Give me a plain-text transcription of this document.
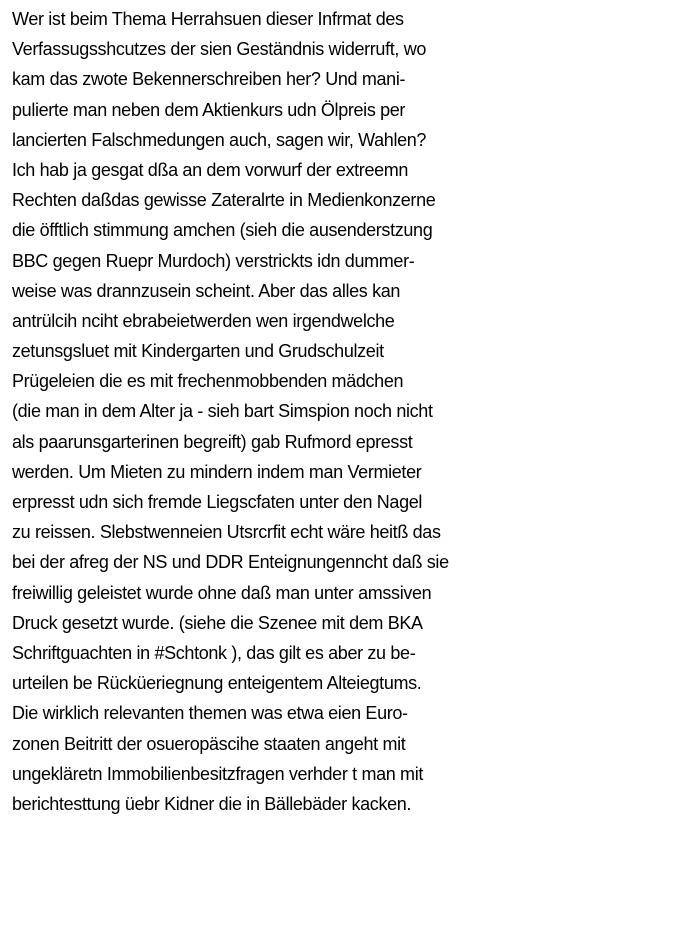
Wer ist beim Thema Herrahsuen dieser Infrmat des
Verfassugsshcutzes der sien Geständnis widerruft, wo
kam das zwote Bekennerschreiben her? Und mani-
pulierte man neben dem Aktienkurs udn Ölpreis per
lancierten Falschmedungen auch, sagen wir, Wahlen?
Ich hab ja gesgat dßa an dem vorwurf der extreemn
Rechten daßdas gewisse Zateralrte in Medienkonzerne
die öfftlich stimmung amchen (sieh die ausenderstzung
BBC gegen Ruepr Murdoch) verstrickts idn dummer-
weise was drannzusein scheint. Aber das alles kan
antrülcih nciht ebrabeietwerden wen irgendwelche
zetunsgsluet mit Kindergarten und Grudschulzeit
Prügeleien die es mit frechenmobbenden mädchen
(die man in dem Alter ja - sieh bart Simspion noch nicht
als paarunsgarterinen begreift) gab Rufmord epresst
werden. Um Mieten zu mindern indem man Vermieter
erpresst udn sich fremde Liegscfaten unter den Nagel
zu reissen. Slebstwenneien Utsrcrfit echt wäre heitß das
bei der afreg der NS und DDR Enteignungenncht daß sie
freiwillig geleistet wurde ohne daß man unter amssiven
Druck gesetzt wurde. (siehe die Szenee mit dem BKA
Schriftguachten in #Schtonk ), das gilt es aber zu be-
urteilen be Rücküeriegnung enteigentem Alteiegtums.
Die wirklich relevanten themen was etwa eien Euro-
zonen Beitritt der osueropäscihe staaten angeht mit
ungekläretn Immobilienbesitzfragen verhder t man mit
berichtesttung üebr Kidner die in Bällebäder kacken.
